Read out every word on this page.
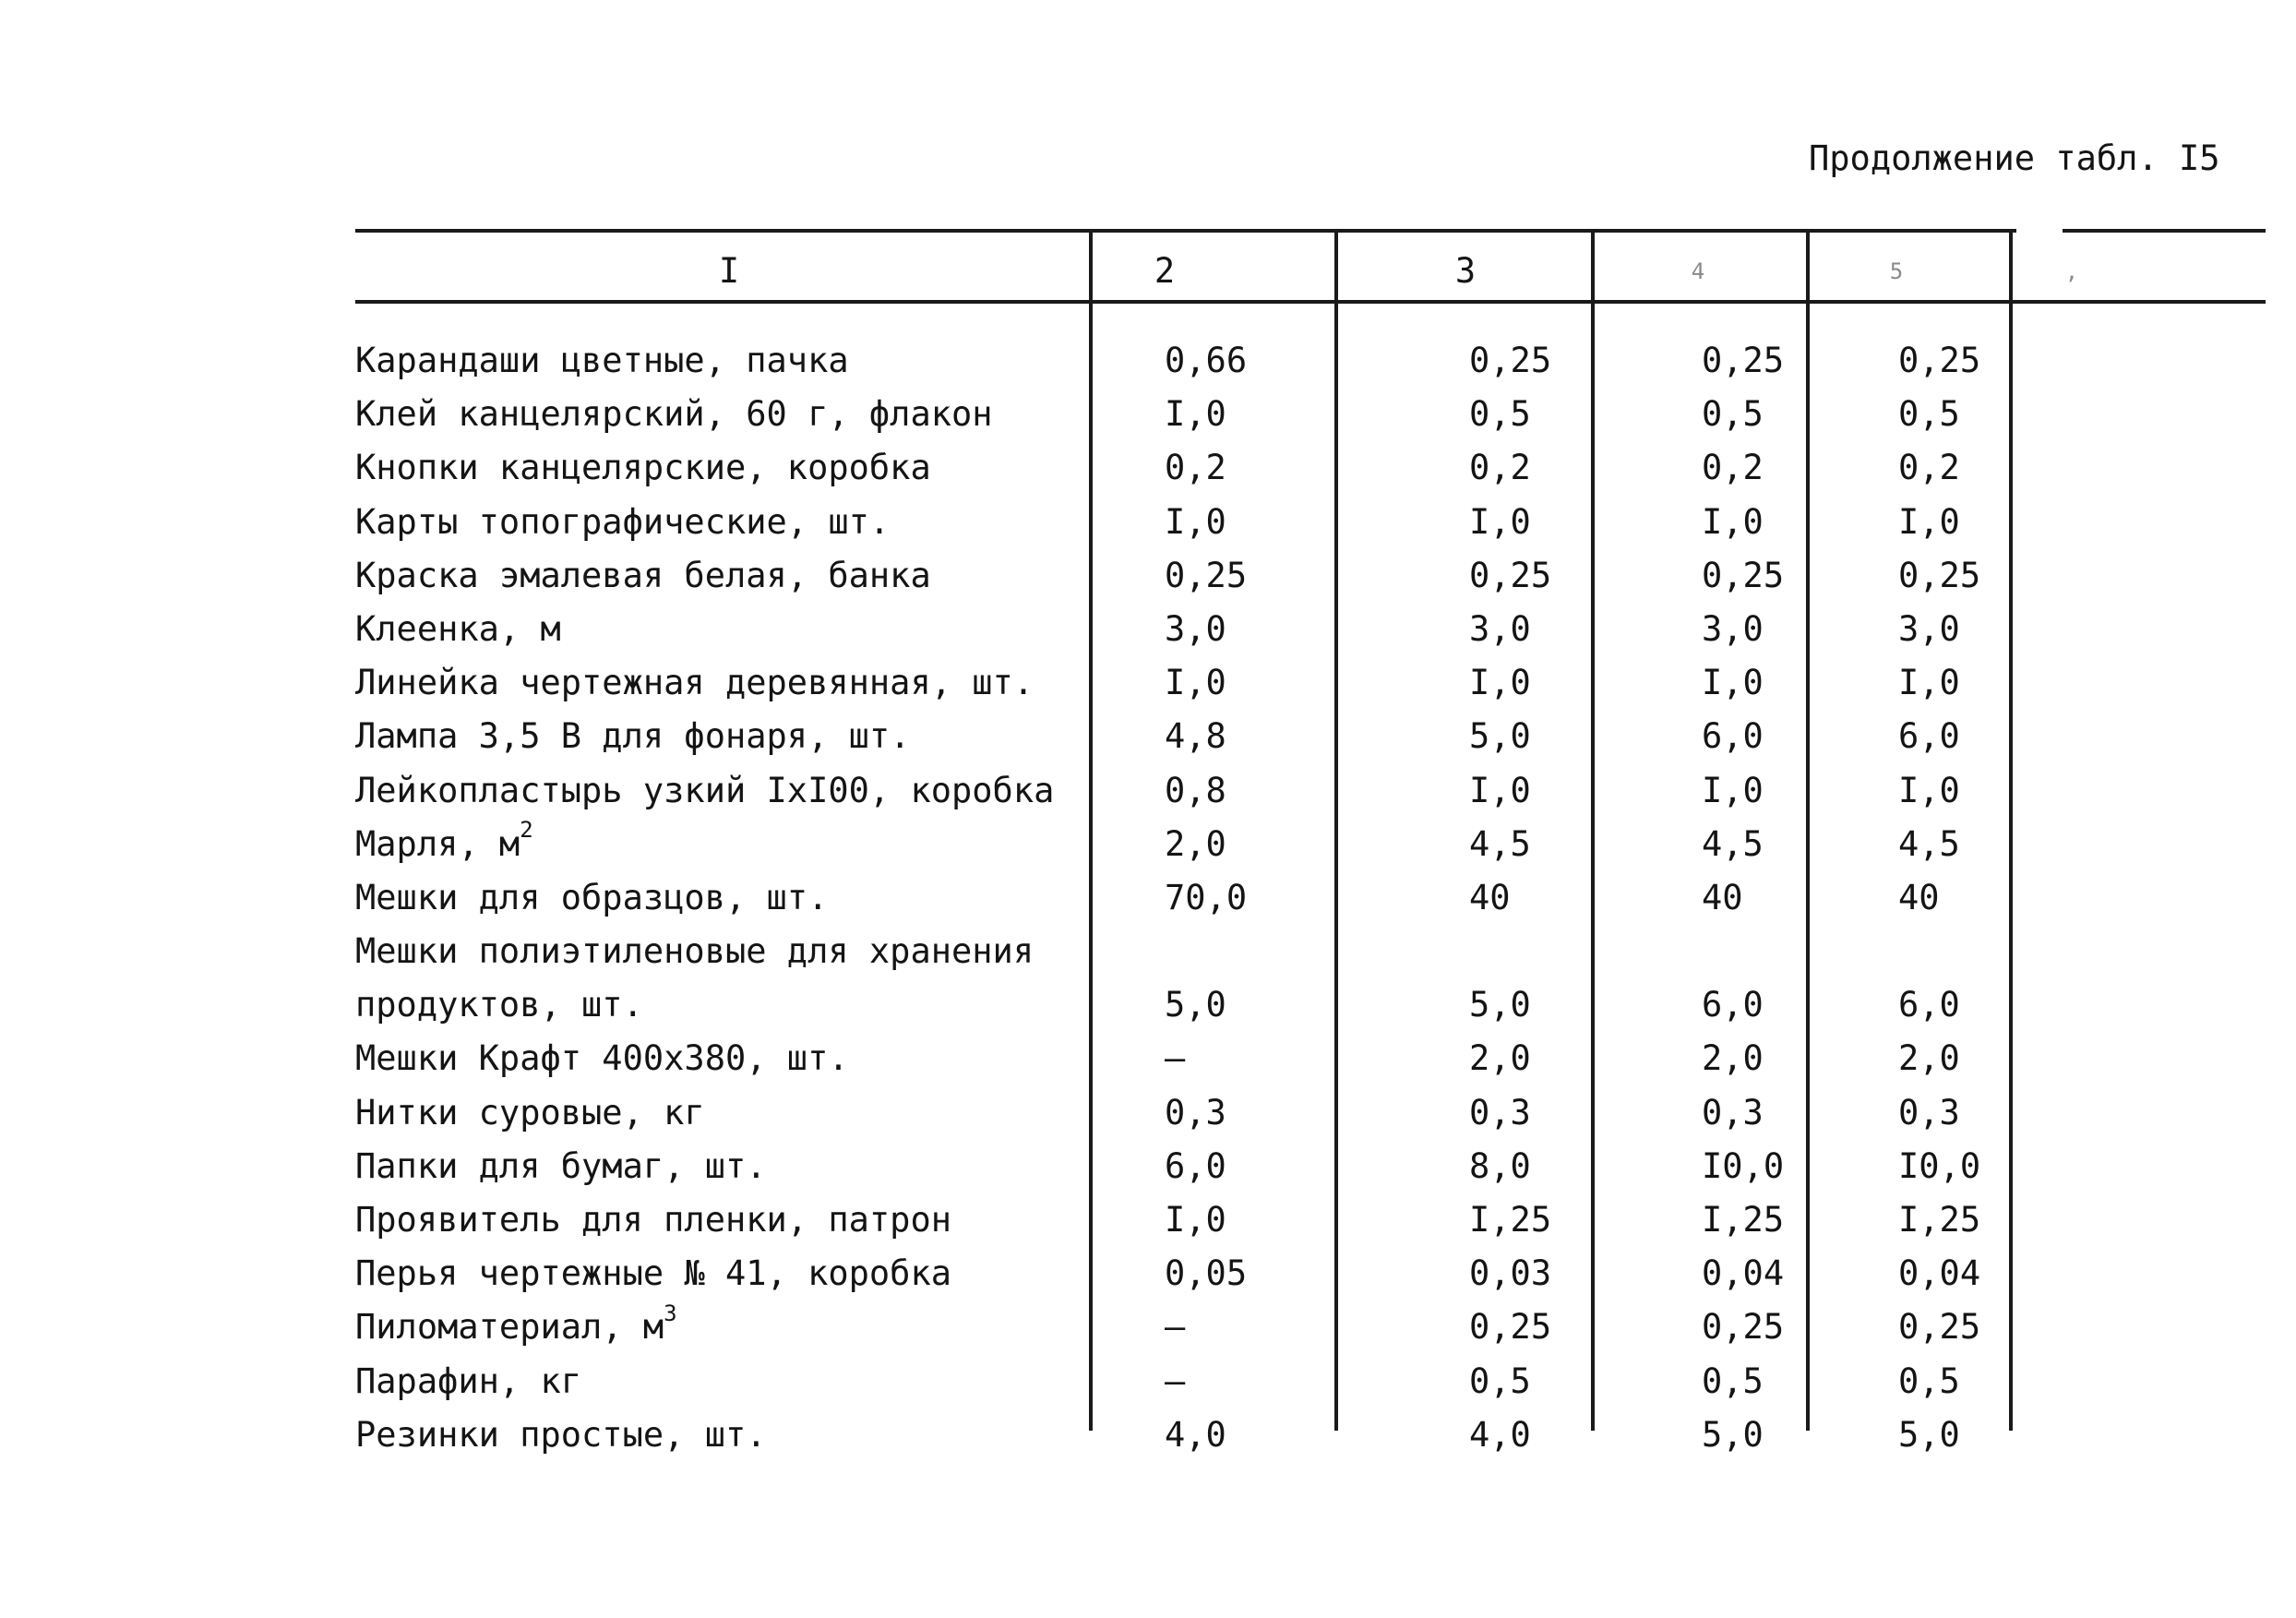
Продолжение табл. I5
I	2	3	4	5	,
Карандаши цветные, пачка	0,66	0,25	0,25	0,25
Клей канцелярский, 60 г, флакон	I,0	0,5	0,5	0,5
Кнопки канцелярские, коробка	0,2	0,2	0,2	0,2
Карты топографические, шт.	I,0	I,0	I,0	I,0
Краска эмалевая белая, банка	0,25	0,25	0,25	0,25
Клеенка, м	3,0	3,0	3,0	3,0
Линейка чертежная деревянная, шт.	I,0	I,0	I,0	I,0
Лампа 3,5 В для фонаря, шт.	4,8	5,0	6,0	6,0
Лейкопластырь узкий IxI00, коробка	0,8	I,0	I,0	I,0
Марля, $м^2$	2,0	4,5	4,5	4,5
Мешки для образцов, шт.	70,0	40	40	40
Мешки полиэтиленовые для хранения
продуктов, шт.	5,0	5,0	6,0	6,0
Мешки Крафт 400х380, шт.	–	2,0	2,0	2,0
Нитки суровые, кг	0,3	0,3	0,3	0,3
Папки для бумаг, шт.	6,0	8,0	I0,0	I0,0
Проявитель для пленки, патрон	I,0	I,25	I,25	I,25
Перья чертежные № 41, коробка	0,05	0,03	0,04	0,04
Пиломатериал, $м^3$	–	0,25	0,25	0,25
Парафин, кг	–	0,5	0,5	0,5
Резинки простые, шт.	4,0	4,0	5,0	5,0
